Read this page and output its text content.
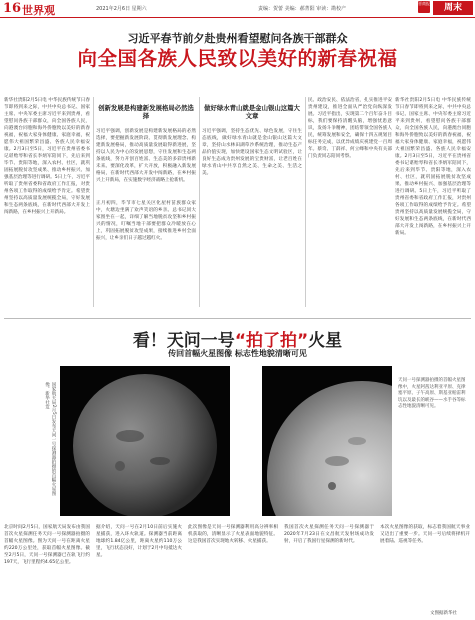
16 世界观	2021年2月6日 星期六	责编：贺蕾 美编：郝菁阳 审读：勘校产
晋商报	周末
习近平春节前夕赴贵州看望慰问各族干部群众
向全国各族人民致以美好的新春祝福
新华社贵阳2月5日电 中华民族传统节日春节即将到来之际，中共中央总书记、国家主席、中央军委主席习近平来到贵州，看望慰问各族干部群众，向全国各族人民，向港澳台同胞和海外侨胞致以美好的新春祝福，祝福大家身体健康、家庭幸福，祝愿伟大祖国繁荣昌盛、各族人民幸福安康。2月3日至5日，习近平在贵州省委书记谌贻琴和省长李炳军陪同下，先后来到毕节、贵阳等地，深入农村、社区，就巩固拓展脱贫攻坚成果、推动乡村振兴、加强基层治理等进行调研。5日上午，习近平听取了贵州省委和省政府工作汇报，对贵州各项工作取得的成绩给予肯定。希望贵州坚持以高质量发展统揽全局，守好发展和生态两条底线，在新时代西部大开发上闯新路，在乡村振兴上开新局。
创新发展是构建新发展格局必然选择
习近平强调，创新发展是构建新发展格局的必然选择，要把握新发展阶段、贯彻新发展理念、构建新发展格局，推动高质量发展取得新进展，坚持以人民为中心的发展思想，守住发展和生态两条底线，努力开创百姓富、生态美的多彩贵州新未来。要深化改革，扩大开放，积极融入新发展格局，在新时代西部大开发中闯新路，在乡村振兴上开新局，在实施数字经济战略上抢新机。
正月初四，毕节市七星关区化屋村苗族群众家中，火塘边坐满了欢声笑语的乡亲。总书记同大家围坐在一起，详细了解当地脱贫攻坚和乡村振兴的情况，叮嘱当地干部要把群众冷暖放在心上，巩固拓展脱贫攻坚成果，接续推进乡村全面振兴，让乡亲们日子越过越红火。
做好绿水青山就是金山银山这篇大文章
习近平强调，坚持生态优先、绿色发展，守住生态底线，做好绿水青山就是金山银山这篇大文章，坚持山水林田湖草沙系统治理，推动生态产品价值实现，加快建设国家生态文明试验区，让良好生态成为贵州发展的宝贵财富，让老百姓在绿水青山中共享自然之美、生命之美、生活之美。
民、政治安民、依法治省，扎实推进平安贵州建设，推进全面从严治党向纵深发展。习近平指出，实现第二个百年奋斗目标，我们要保持清醒头脑，增强忧患意识，发扬斗争精神，团结带领全国各族人民，统筹发展和安全，确保十四五规划目标任务完成，以优异成绩庆祝建党一百周年。蔡奇、丁薛祥、何立峰和中央有关部门负责同志陪同考察。
新华社贵阳2月5日电 中华民族传统节日春节即将到来之际，中共中央总书记、国家主席、中央军委主席习近平来到贵州，看望慰问各族干部群众，向全国各族人民，向港澳台同胞和海外侨胞致以美好的新春祝福，祝福大家身体健康、家庭幸福，祝愿伟大祖国繁荣昌盛、各族人民幸福安康。2月3日至5日，习近平在贵州省委书记谌贻琴和省长李炳军陪同下，先后来到毕节、贵阳等地，深入农村、社区，就巩固拓展脱贫攻坚成果、推动乡村振兴、加强基层治理等进行调研。5日上午，习近平听取了贵州省委和省政府工作汇报，对贵州各项工作取得的成绩给予肯定。希望贵州坚持以高质量发展统揽全局，守好发展和生态两条底线，在新时代西部大开发上闯新路，在乡村振兴上开新局。
看！天问一号“拍了拍”火星
传回首幅火星图像 标志性地貌清晰可见
国家航天局2月5日发布天问一号探测器拍摄的首幅火星图像。新华社发
天问一号探测器拍摄的首幅火星图像中，火星阿茜达利亚平原、克律塞平原、子午高原、斯基亚帕雷利坑以及最长的峡谷——水手谷等标志性地貌清晰可见。
北京时间2月5日，国家航天局发布由我国首次火星探测任务天问一号探测器拍摄的首幅火星图像。图为天问一号在距离火星约220万公里处，获取首幅火星图像。截至2月5日，天问一号探测器已在轨飞行约197天，飞行里程约4.65亿公里。
据介绍，天问一号在2月10日前后实施火星捕获，进入环火轨道。探测器当前距离地球约1.84亿公里，距离火星约110万公里，飞行状态良好，计划于2月中旬抵达火星。
此次图像是天问一号探测器利用高分辨率相机获取的，清晰显示了火星表面地貌特征。这是我国首次实现地火转移、火星捕获。
我国首次火星探测任务天问一号探测器于2020年7月23日在文昌航天发射场成功发射，开启了我国行星探测的新时代。
本次火星图像的获取，标志着我国航天事业又迈出了重要一步。天问一号后续将择机开展着陆、巡视等任务。
文图据新华社
